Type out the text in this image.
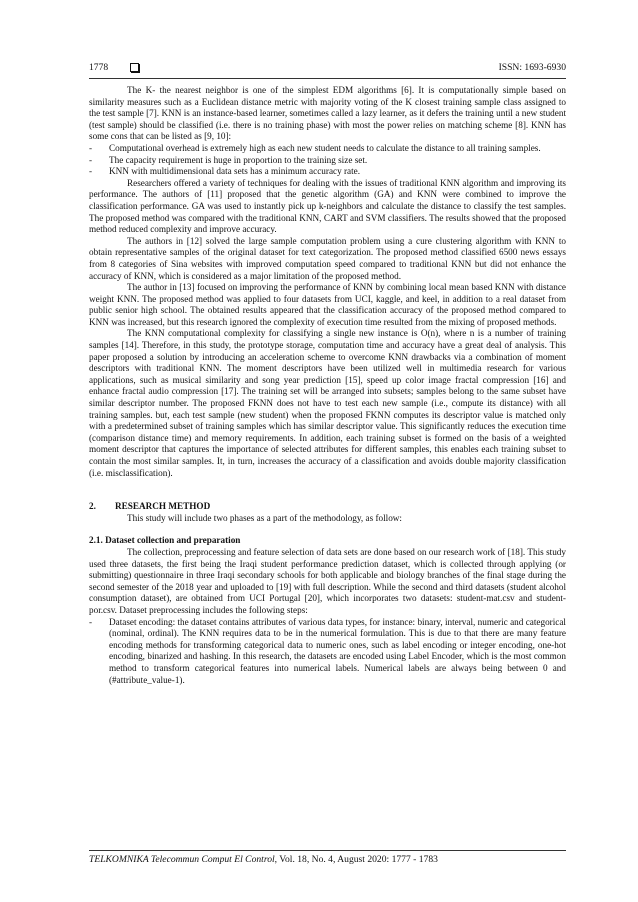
1778	ISSN: 1693-6930

The K- the nearest neighbor is one of the simplest EDM algorithms [6]. It is computationally simple based on similarity measures such as a Euclidean distance metric with majority voting of the K closest training sample class assigned to the test sample [7]. KNN is an instance-based learner, sometimes called a lazy learner, as it defers the training until a new student (test sample) should be classified (i.e. there is no training phase) with most the power relies on matching scheme [8]. KNN has some cons that can be listed as [9, 10]:

-	Computational overhead is extremely high as each new student needs to calculate the distance to all training samples.
-	The capacity requirement is huge in proportion to the training size set.
-	KNN with multidimensional data sets has a minimum accuracy rate.

Researchers offered a variety of techniques for dealing with the issues of traditional KNN algorithm and improving its performance. The authors of [11] proposed that the genetic algorithm (GA) and KNN were combined to improve the classification performance. GA was used to instantly pick up k-neighbors and calculate the distance to classify the test samples. The proposed method was compared with the traditional KNN, CART and SVM classifiers. The results showed that the proposed method reduced complexity and improve accuracy.

The authors in [12] solved the large sample computation problem using a cure clustering algorithm with KNN to obtain representative samples of the original dataset for text categorization. The proposed method classified 6500 news essays from 8 categories of Sina websites with improved computation speed compared to traditional KNN but did not enhance the accuracy of KNN, which is considered as a major limitation of the proposed method.

The author in [13] focused on improving the performance of KNN by combining local mean based KNN with distance weight KNN. The proposed method was applied to four datasets from UCI, kaggle, and keel, in addition to a real dataset from public senior high school. The obtained results appeared that the classification accuracy of the proposed method compared to KNN was increased, but this research ignored the complexity of execution time resulted from the mixing of proposed methods.

The KNN computational complexity for classifying a single new instance is O(n), where n is a number of training samples [14]. Therefore, in this study, the prototype storage, computation time and accuracy have a great deal of analysis. This paper proposed a solution by introducing an acceleration scheme to overcome KNN drawbacks via a combination of moment descriptors with traditional KNN. The moment descriptors have been utilized well in multimedia research for various applications, such as musical similarity and song year prediction [15], speed up color image fractal compression [16] and enhance fractal audio compression [17]. The training set will be arranged into subsets; samples belong to the same subset have similar descriptor number. The proposed FKNN does not have to test each new sample (i.e., compute its distance) with all training samples. but, each test sample (new student) when the proposed FKNN computes its descriptor value is matched only with a predetermined subset of training samples which has similar descriptor value. This significantly reduces the execution time (comparison distance time) and memory requirements. In addition, each training subset is formed on the basis of a weighted moment descriptor that captures the importance of selected attributes for different samples, this enables each training subset to contain the most similar samples. It, in turn, increases the accuracy of a classification and avoids double majority classification (i.e. misclassification).

2. RESEARCH METHOD

This study will include two phases as a part of the methodology, as follow:

2.1. Dataset collection and preparation

The collection, preprocessing and feature selection of data sets are done based on our research work of [18]. This study used three datasets, the first being the Iraqi student performance prediction dataset, which is collected through applying (or submitting) questionnaire in three Iraqi secondary schools for both applicable and biology branches of the final stage during the second semester of the 2018 year and uploaded to [19] with full description. While the second and third datasets (student alcohol consumption dataset), are obtained from UCI Portugal [20], which incorporates two datasets: student-mat.csv and student-por.csv. Dataset preprocessing includes the following steps:

-	Dataset encoding: the dataset contains attributes of various data types, for instance: binary, interval, numeric and categorical (nominal, ordinal). The KNN requires data to be in the numerical formulation. This is due to that there are many feature encoding methods for transforming categorical data to numeric ones, such as label encoding or integer encoding, one-hot encoding, binarized and hashing. In this research, the datasets are encoded using Label Encoder, which is the most common method to transform categorical features into numerical labels. Numerical labels are always being between 0 and (#attribute_value-1).
TELKOMNIKA Telecommun Comput El Control, Vol. 18, No. 4, August 2020: 1777 - 1783
